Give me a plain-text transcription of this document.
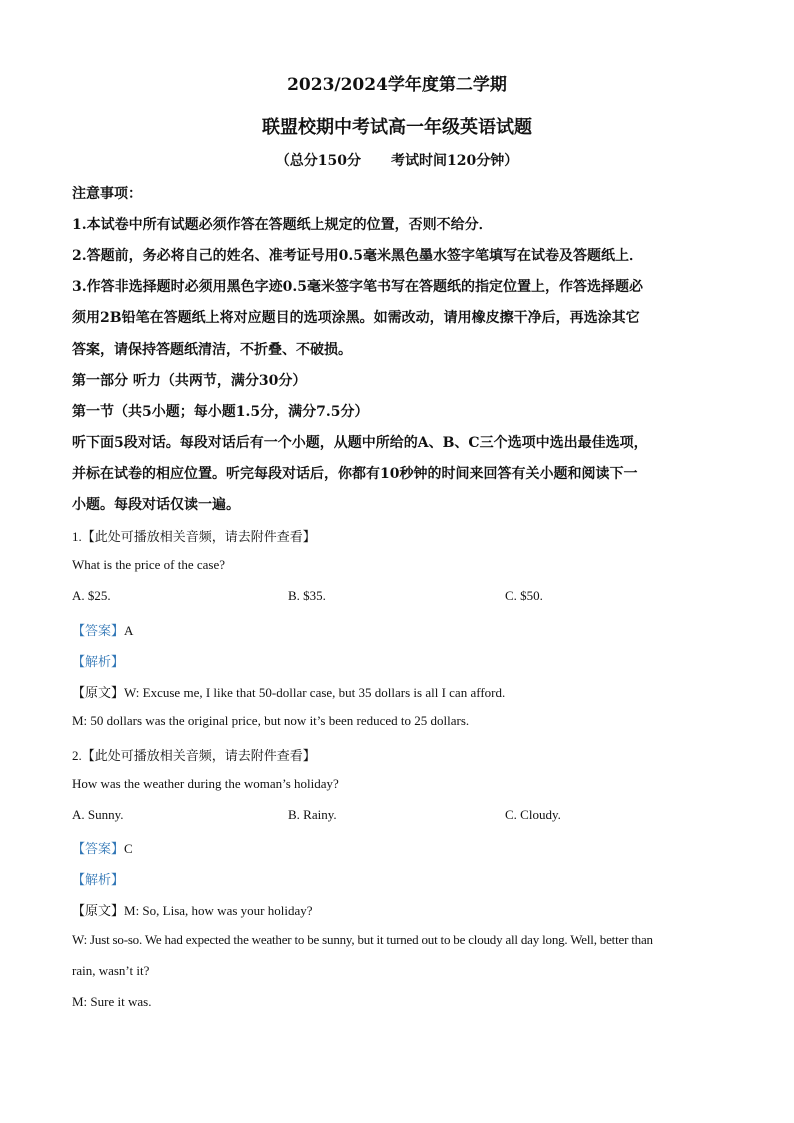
2023/2024学年度第二学期
联盟校期中考试高一年级英语试题
（总分150分 考试时间120分钟）
注意事项：
1.本试卷中所有试题必须作答在答题纸上规定的位置，否则不给分．
2.答题前，务必将自己的姓名、准考证号用0.5毫米黑色墨水签字笔填写在试卷及答题纸上．
3.作答非选择题时必须用黑色字迹0.5毫米签字笔书写在答题纸的指定位置上，作答选择题必
须用2B铅笔在答题纸上将对应题目的选项涂黑。如需改动，请用橡皮擦干净后，再选涂其它
答案，请保持答题纸清洁，不折叠、不破损。
第一部分 听力（共两节，满分30分）
第一节（共5小题；每小题1.5分，满分7.5分）
听下面5段对话。每段对话后有一个小题，从题中所给的A、B、C三个选项中选出最佳选项，
并标在试卷的相应位置。听完每段对话后，你都有10秒钟的时间来回答有关小题和阅读下一
小题。每段对话仅读一遍。
1.【此处可播放相关音频，请去附件查看】
What is the price of the case?
A. $25.	B. $35.	C. $50.
【答案】A
【解析】
【原文】W: Excuse me, I like that 50-dollar case, but 35 dollars is all I can afford.
M: 50 dollars was the original price, but now it’s been reduced to 25 dollars.
2.【此处可播放相关音频，请去附件查看】
How was the weather during the woman’s holiday?
A. Sunny.	B. Rainy.	C. Cloudy.
【答案】C
【解析】
【原文】M: So, Lisa, how was your holiday?
W: Just so-so. We had expected the weather to be sunny, but it turned out to be cloudy all day long. Well, better than
rain, wasn’t it?
M: Sure it was.
